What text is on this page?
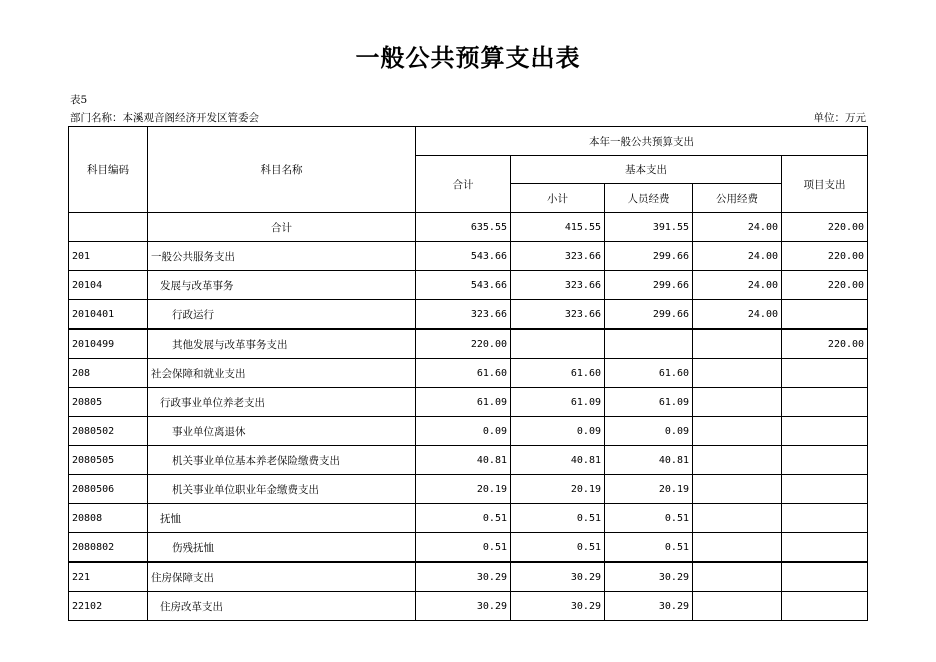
一般公共预算支出表
表5
部门名称：本溪观音阁经济开发区管委会	单位：万元
科目编码	科目名称	本年一般公共预算支出				
		合计	基本支出			项目支出
			小计	人员经费	公用经费	
	合计	635.55	415.55	391.55	24.00	220.00
201	一般公共服务支出	543.66	323.66	299.66	24.00	220.00
20104	发展与改革事务	543.66	323.66	299.66	24.00	220.00
2010401	行政运行	323.66	323.66	299.66	24.00	
2010499	其他发展与改革事务支出	220.00				220.00
208	社会保障和就业支出	61.60	61.60	61.60		
20805	行政事业单位养老支出	61.09	61.09	61.09		
2080502	事业单位离退休	0.09	0.09	0.09		
2080505	机关事业单位基本养老保险缴费支出	40.81	40.81	40.81		
2080506	机关事业单位职业年金缴费支出	20.19	20.19	20.19		
20808	抚恤	0.51	0.51	0.51		
2080802	伤残抚恤	0.51	0.51	0.51		
221	住房保障支出	30.29	30.29	30.29		
22102	住房改革支出	30.29	30.29	30.29		
